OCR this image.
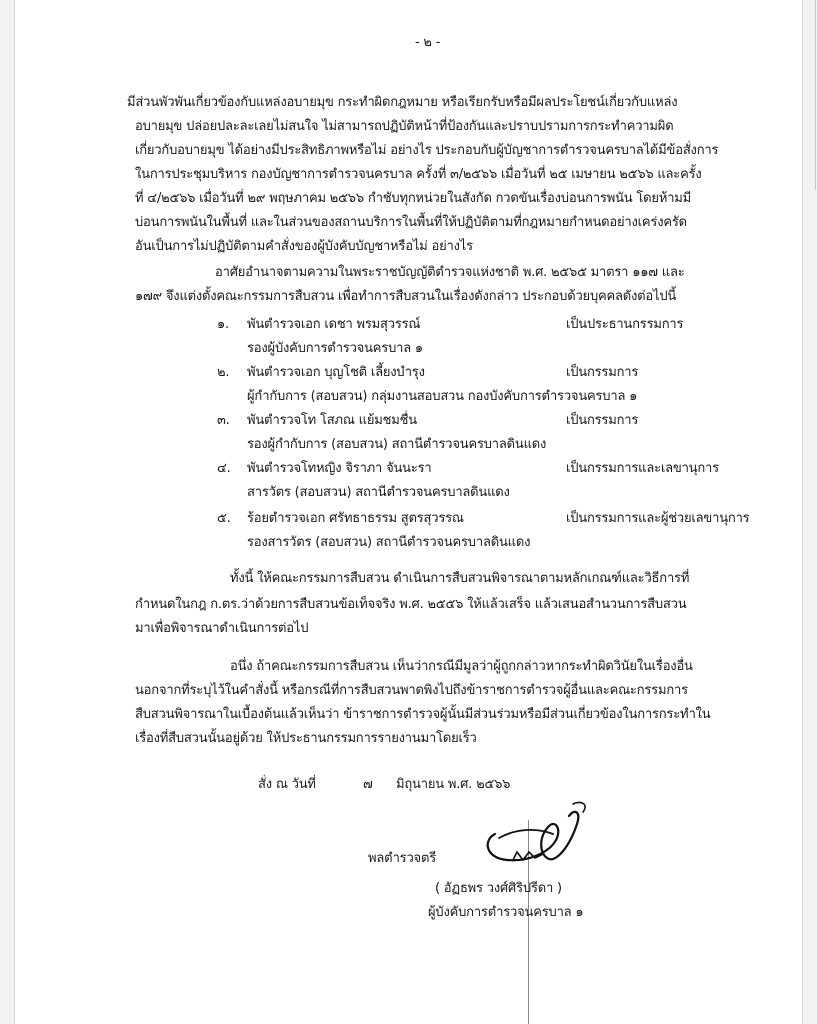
- ๒ -
มีส่วนพัวพันเกี่ยวข้องกับแหล่งอบายมุข กระทำผิดกฎหมาย หรือเรียกรับหรือมีผลประโยชน์เกี่ยวกับแหล่ง
อบายมุข ปล่อยปละละเลยไม่สนใจ ไม่สามารถปฏิบัติหน้าที่ป้องกันและปราบปรามการกระทำความผิด
เกี่ยวกับอบายมุข ได้อย่างมีประสิทธิภาพหรือไม่ อย่างไร ประกอบกับผู้บัญชาการตำรวจนครบาลได้มีข้อสั่งการ
ในการประชุมบริหาร กองบัญชาการตำรวจนครบาล ครั้งที่ ๓/๒๕๖๖ เมื่อวันที่ ๒๕ เมษายน ๒๕๖๖ และครั้ง
ที่ ๔/๒๕๖๖ เมื่อวันที่ ๒๙ พฤษภาคม ๒๕๖๖ กำชับทุกหน่วยในสังกัด กวดขันเรื่องบ่อนการพนัน โดยห้ามมี
บ่อนการพนันในพื้นที่ และในส่วนของสถานบริการในพื้นที่ให้ปฏิบัติตามที่กฎหมายกำหนดอย่างเคร่งครัด
อันเป็นการไม่ปฏิบัติตามคำสั่งของผู้บังคับบัญชาหรือไม่ อย่างไร
อาศัยอำนาจตามความในพระราชบัญญัติตำรวจแห่งชาติ พ.ศ. ๒๕๖๕ มาตรา ๑๑๗ และ
๑๗๙ จึงแต่งตั้งคณะกรรมการสืบสวน เพื่อทำการสืบสวนในเรื่องดังกล่าว ประกอบด้วยบุคคลดังต่อไปนี้
๑. พันตำรวจเอก เดชา พรมสุวรรณ์	เป็นประธานกรรมการ
รองผู้บังคับการตำรวจนครบาล ๑
๒. พันตำรวจเอก บุญโชติ เลี้ยงบำรุง	เป็นกรรมการ
ผู้กำกับการ (สอบสวน) กลุ่มงานสอบสวน กองบังคับการตำรวจนครบาล ๑
๓. พันตำรวจโท โสภณ แย้มชมชื่น	เป็นกรรมการ
รองผู้กำกับการ (สอบสวน) สถานีตำรวจนครบาลดินแดง
๔. พันตำรวจโทหญิง จิราภา จันนะรา	เป็นกรรมการและเลขานุการ
สารวัตร (สอบสวน) สถานีตำรวจนครบาลดินแดง
๕. ร้อยตำรวจเอก ศรัทธาธรรม สูตรสุวรรณ	เป็นกรรมการและผู้ช่วยเลขานุการ
รองสารวัตร (สอบสวน) สถานีตำรวจนครบาลดินแดง
ทั้งนี้ ให้คณะกรรมการสืบสวน ดำเนินการสืบสวนพิจารณาตามหลักเกณฑ์และวิธีการที่
กำหนดในกฎ ก.ตร.ว่าด้วยการสืบสวนข้อเท็จจริง พ.ศ. ๒๕๕๖ ให้แล้วเสร็จ แล้วเสนอสำนวนการสืบสวน
มาเพื่อพิจารณาดำเนินการต่อไป
อนึ่ง ถ้าคณะกรรมการสืบสวน เห็นว่ากรณีมีมูลว่าผู้ถูกกล่าวหากระทำผิดวินัยในเรื่องอื่น
นอกจากที่ระบุไว้ในคำสั่งนี้ หรือกรณีที่การสืบสวนพาดพิงไปถึงข้าราชการตำรวจผู้อื่นและคณะกรรมการ
สืบสวนพิจารณาในเบื้องต้นแล้วเห็นว่า ข้าราชการตำรวจผู้นั้นมีส่วนร่วมหรือมีส่วนเกี่ยวข้องในการกระทำใน
เรื่องที่สืบสวนนั้นอยู่ด้วย ให้ประธานกรรมการรายงานมาโดยเร็ว
สั่ง ณ วันที่	๗ มิถุนายน พ.ศ. ๒๕๖๖
พลตำรวจตรี
( อัฏธพร วงศ์ศิริปรีดา )
ผู้บังคับการตำรวจนครบาล ๑
